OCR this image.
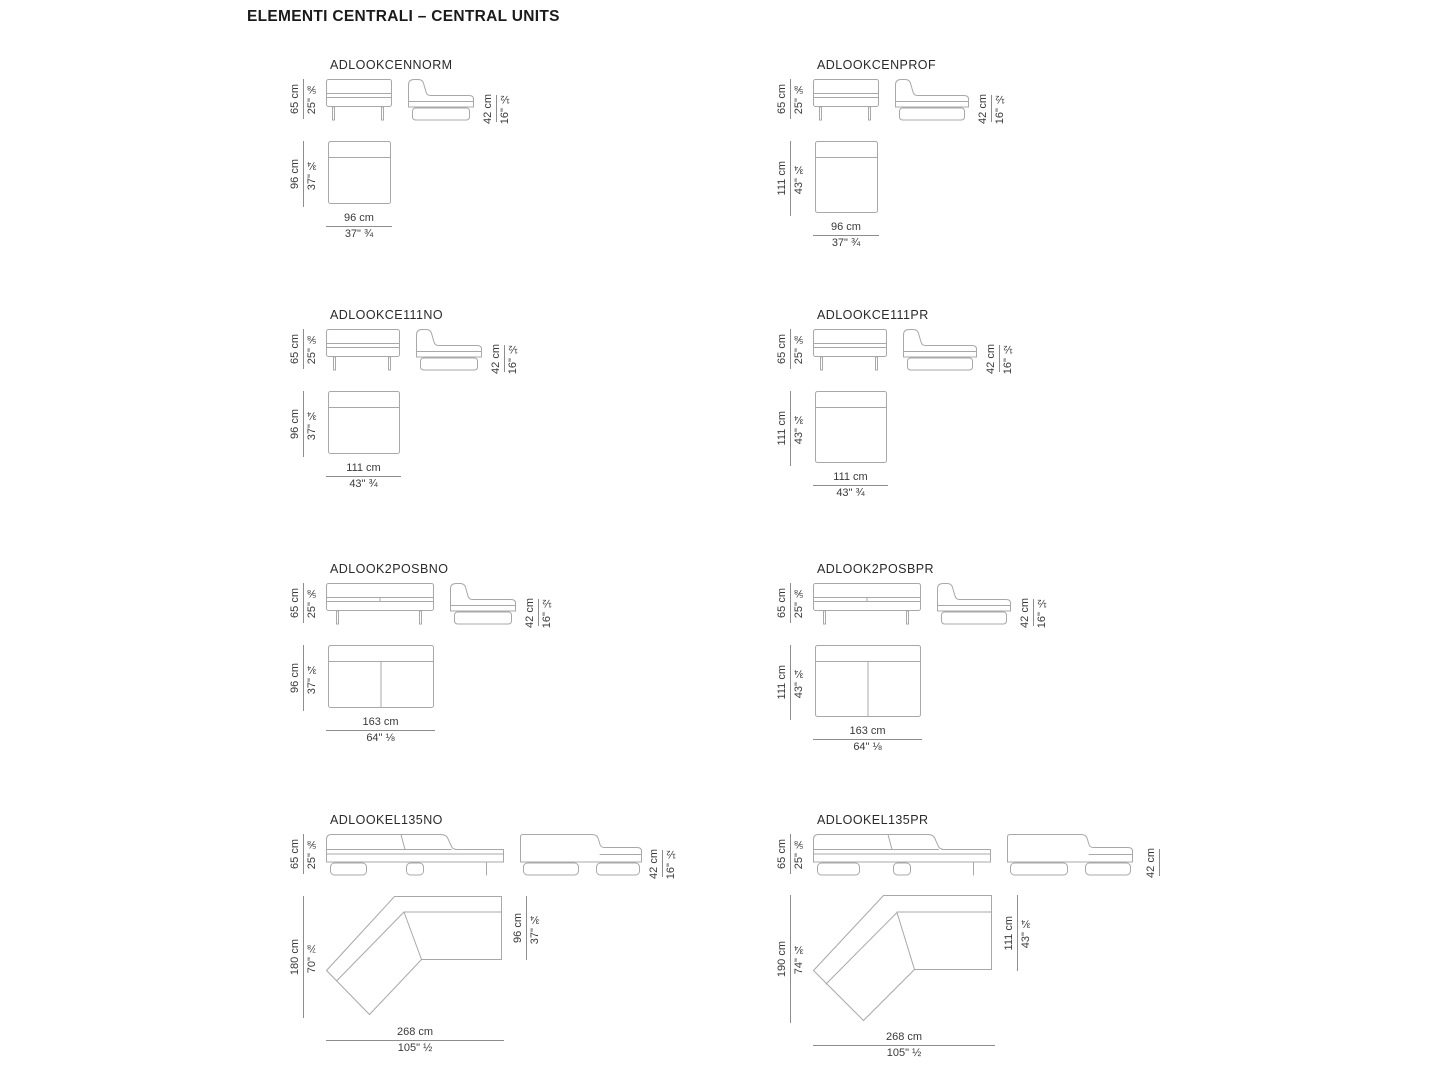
ELEMENTI CENTRALI – CENTRAL UNITS
ADLOOKCENNORM
65 cm 25" ⅝	42 cm 16" ½
96 cm 37" ¾
96 cm
37" ¾
ADLOOKCENPROF
65 cm 25" ⅝	42 cm 16" ½
111 cm 43" ¾
96 cm
37" ¾
ADLOOKCE111NO
65 cm 25" ⅝	42 cm 16" ½
96 cm 37" ¾
111 cm
43" ¾
ADLOOKCE111PR
65 cm 25" ⅝	42 cm 16" ½
111 cm 43" ¾
111 cm
43" ¾
ADLOOK2POSBNO
65 cm 25" ⅝	42 cm 16" ½
96 cm 37" ¾
163 cm
64" ⅛
ADLOOK2POSBPR
65 cm 25" ⅝	42 cm 16" ½
111 cm 43" ¾
163 cm
64" ⅛
ADLOOKEL135NO
65 cm 25" ⅝	42 cm 16" ½
180 cm 70" ⅞
268 cm
105" ½
96 cm 37" ¾
ADLOOKEL135PR
65 cm 25" ⅝	42 cm
190 cm 74" ¾
268 cm
105" ½
111 cm 43" ¾
